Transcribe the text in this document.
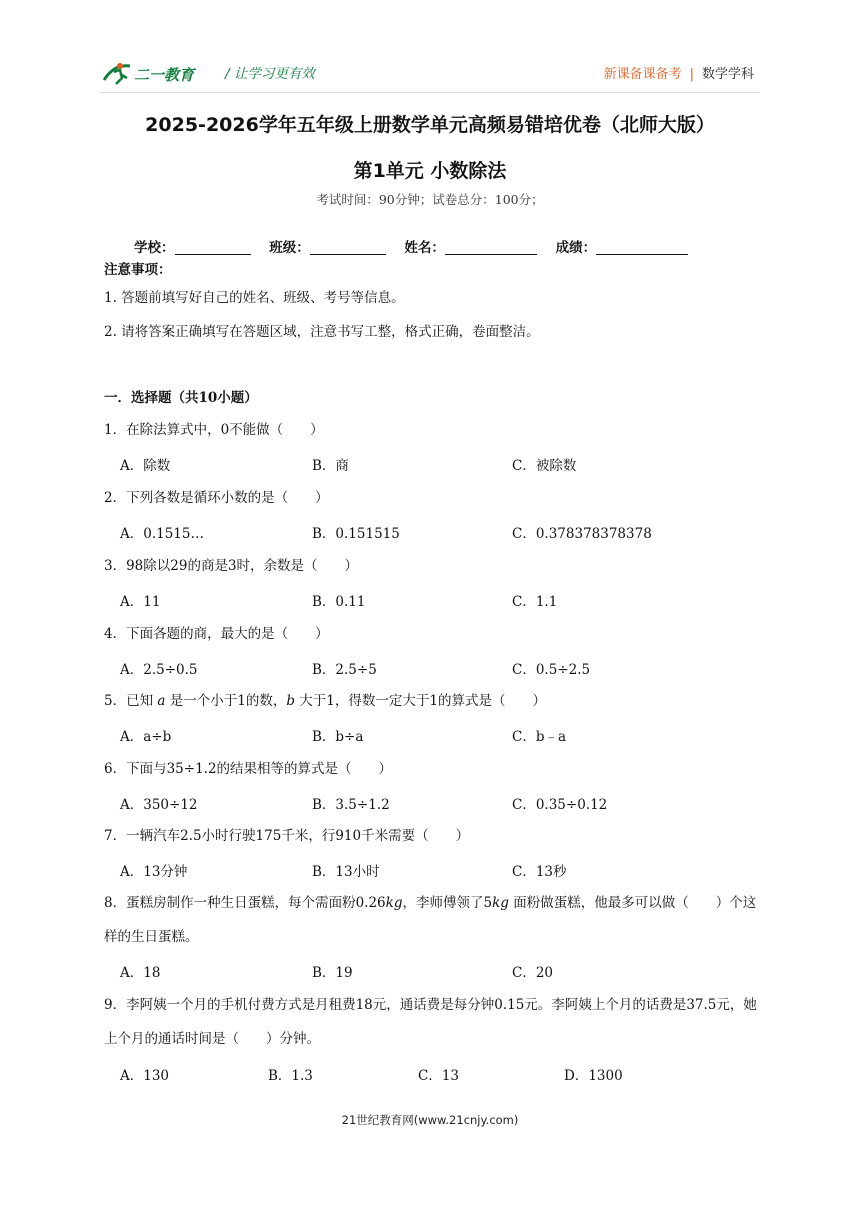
二一教育 / 让学习更有效	新课备课备考 | 数学学科
2025-2026学年五年级上册数学单元高频易错培优卷（北师大版）
第1单元 小数除法
考试时间：90分钟；试卷总分：100分；
学校：	班级：	姓名：	成绩：
注意事项：
1. 答题前填写好自己的姓名、班级、考号等信息。
2. 请将答案正确填写在答题区域，注意书写工整，格式正确，卷面整洁。
一．选择题（共10小题）
1．在除法算式中，0不能做（　　）
A．除数	B．商	C．被除数
2．下列各数是循环小数的是（　　）
A．0.1515…	B．0.151515	C．0.378378378378
3．98除以29的商是3时，余数是（　　）
A．11	B．0.11	C．1.1
4．下面各题的商，最大的是（　　）
A．2.5÷0.5	B．2.5÷5	C．0.5÷2.5
5．已知 a 是一个小于1的数，b 大于1，得数一定大于1的算式是（　　）
A．a÷b	B．b÷a	C．b﹣a
6．下面与35÷1.2的结果相等的算式是（　　）
A．350÷12	B．3.5÷1.2	C．0.35÷0.12
7．一辆汽车2.5小时行驶175千米，行910千米需要（　　）
A．13分钟	B．13小时	C．13秒
8．蛋糕房制作一种生日蛋糕，每个需面粉0.26kg，李师傅领了5kg 面粉做蛋糕，他最多可以做（　　）个这样的生日蛋糕。
A．18	B．19	C．20
9．李阿姨一个月的手机付费方式是月租费18元，通话费是每分钟0.15元。李阿姨上个月的话费是37.5元，她上个月的通话时间是（　　）分钟。
A．130	B．1.3	C．13	D．1300
21世纪教育网(www.21cnjy.com)
